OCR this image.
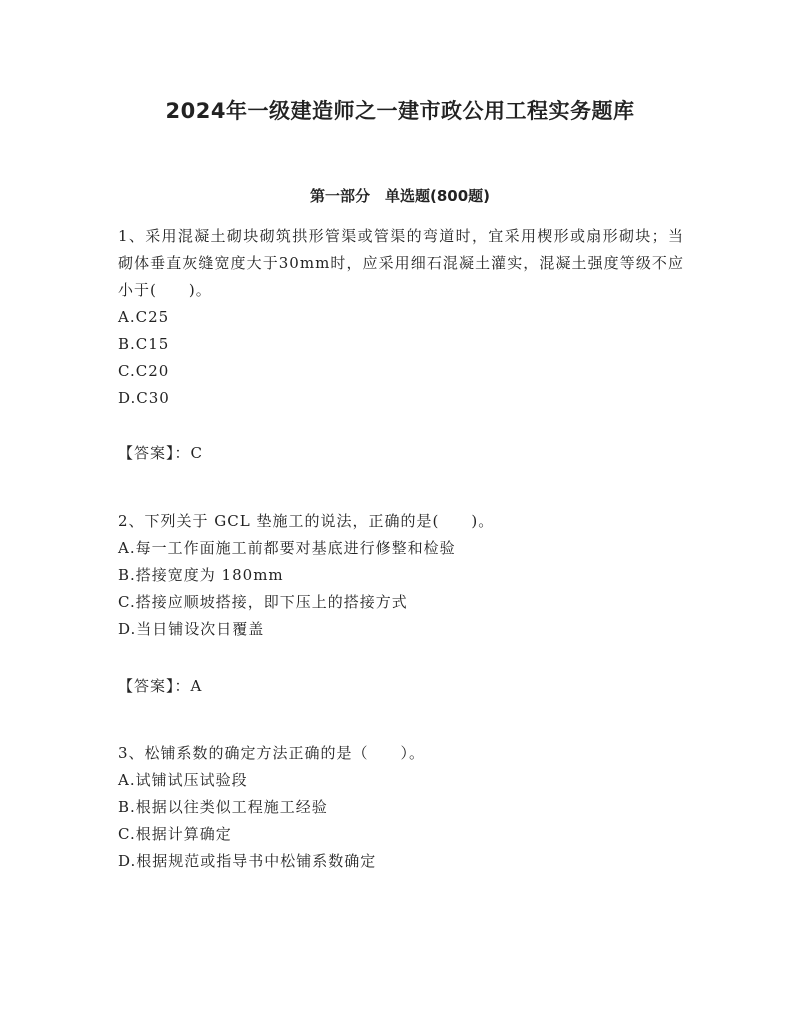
2024年一级建造师之一建市政公用工程实务题库
第一部分　单选题(800题)

1、采用混凝土砌块砌筑拱形管渠或管渠的弯道时，宜采用楔形或扇形砌块；当砌体垂直灰缝宽度大于30mm时，应采用细石混凝土灌实，混凝土强度等级不应小于(　　)。

A.C25

B.C15

C.C20

D.C30

【答案】：C

2、下列关于 GCL 垫施工的说法，正确的是(　　)。

A.每一工作面施工前都要对基底进行修整和检验

B.搭接宽度为 180mm

C.搭接应顺坡搭接，即下压上的搭接方式

D.当日铺设次日覆盖

【答案】：A

3、松铺系数的确定方法正确的是（　　）。

A.试铺试压试验段

B.根据以往类似工程施工经验

C.根据计算确定

D.根据规范或指导书中松铺系数确定
